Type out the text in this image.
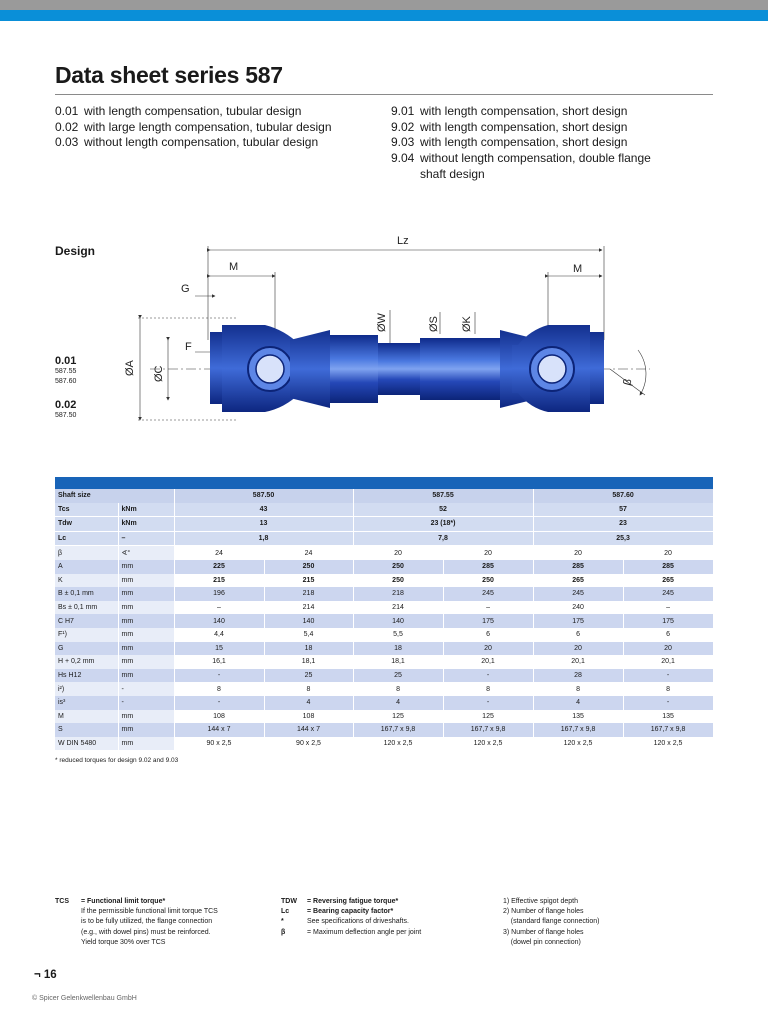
Data sheet series 587
0.01 with length compensation, tubular design
0.02 with large length compensation, tubular design
0.03 without length compensation, tubular design
9.01 with length compensation, short design
9.02 with length compensation, short design
9.03 with length compensation, short design
9.04 without length compensation, double flange
shaft design
Design
0.01
587.55
587.60
0.02
587.50
Lz
M	M
G
F
ØW	ØS ØK
ØA ØC
β
Shaft size		587.50		587.55		587.60	
Tcs	kNm	43		52		57	
Tdw	kNm	13		23 (18*)		23	
Lc	–	1,8		7,8		25,3	
β	∢°	24	24	20	20	20	20
A	mm	225	250	250	285	285	285
K	mm	215	215	250	250	265	265
B ± 0,1 mm	mm	196	218	218	245	245	245
Bs ± 0,1 mm	mm	–	214	214	–	240	–
C H7	mm	140	140	140	175	175	175
F¹)	mm	4,4	5,4	5,5	6	6	6
G	mm	15	18	18	20	20	20
H + 0,2 mm	mm	16,1	18,1	18,1	20,1	20,1	20,1
Hs H12	mm	-	25	25	-	28	-
i²)	-	8	8	8	8	8	8
is³	-	-	4	4	-	4	-
M	mm	108	108	125	125	135	135
S	mm	144 x 7	144 x 7	167,7 x 9,8	167,7 x 9,8	167,7 x 9,8	167,7 x 9,8
W DIN 5480	mm	90 x 2,5	90 x 2,5	120 x 2,5	120 x 2,5	120 x 2,5	120 x 2,5
* reduced torques for design 9.02 and 9.03
TCS	= Functional limit torque*
If the permissible functional limit torque TCS
is to be fully utilized, the flange connection
(e.g., with dowel pins) must be reinforced.
Yield torque 30% over TCS
TDW	= Reversing fatigue torque*
Lc	= Bearing capacity factor*
*	See specifications of driveshafts.
β	= Maximum deflection angle per joint
1) Effective spigot depth
2) Number of flange holes
(standard flange connection)
3) Number of flange holes
(dowel pin connection)
¬ 16
© Spicer Gelenkwellenbau GmbH
